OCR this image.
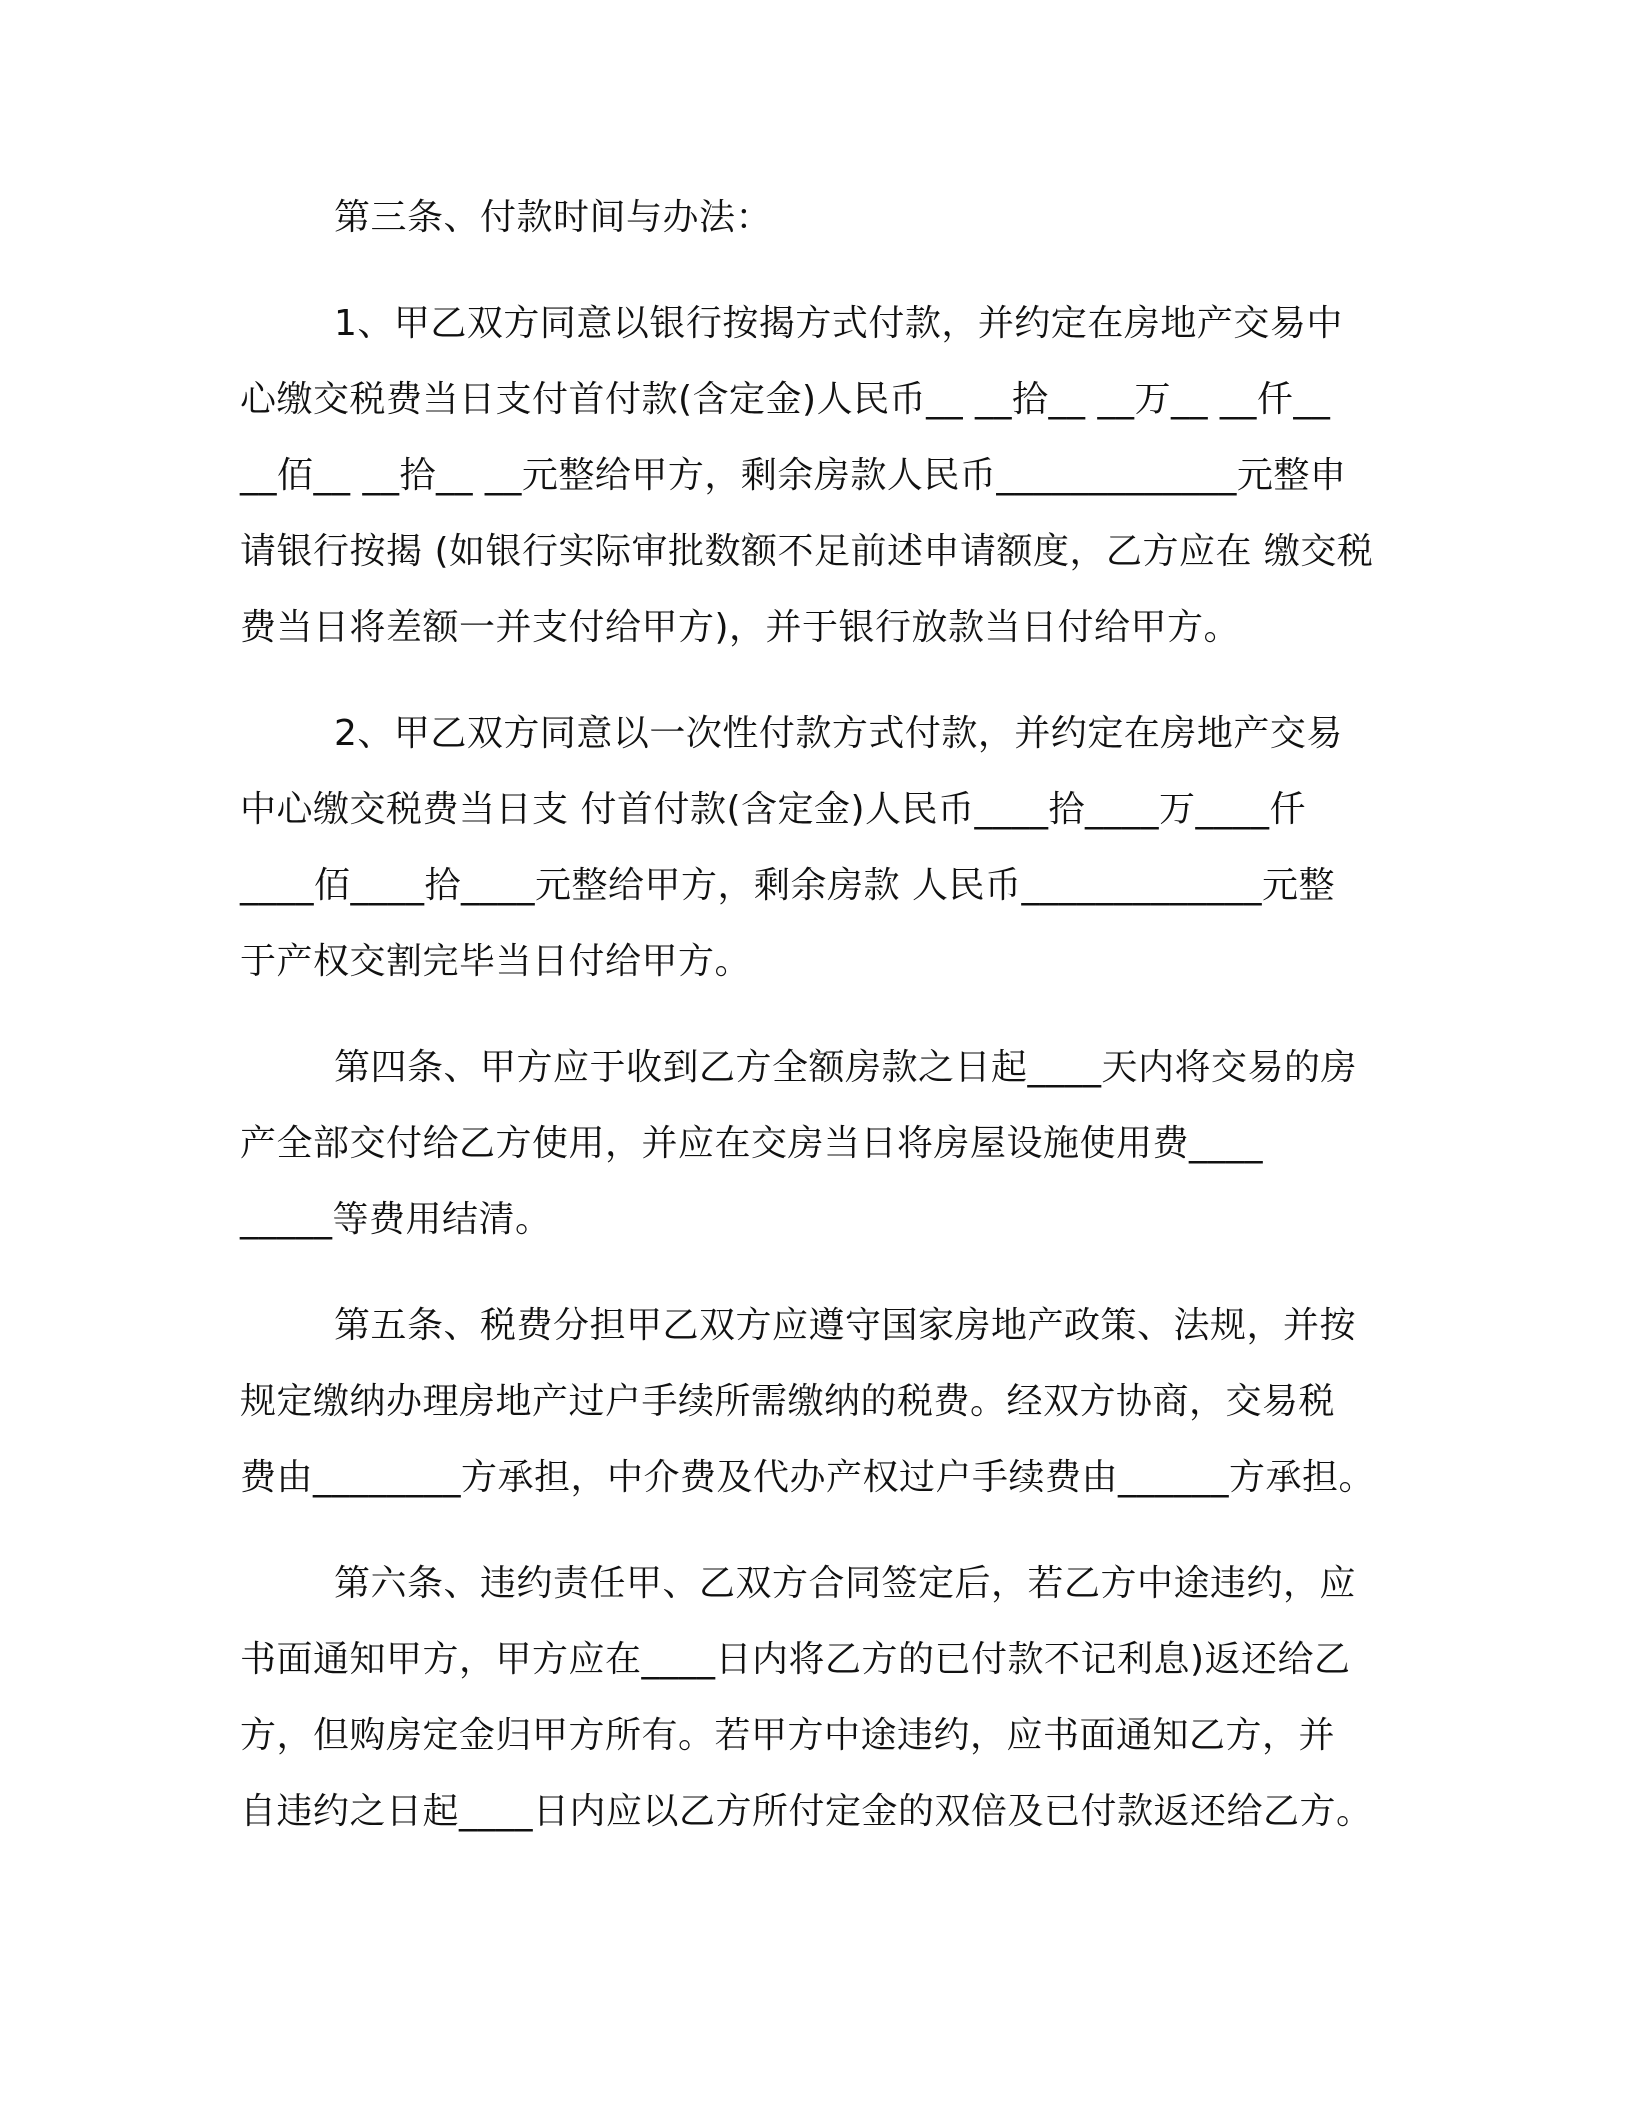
第三条、付款时间与办法：
1、甲乙双方同意以银行按揭方式付款，并约定在房地产交易中
心缴交税费当日支付首付款(含定金)人民币__ __拾__ __万__ __仟__
__佰__ __拾__ __元整给甲方，剩余房款人民币_____________元整申
请银行按揭 (如银行实际审批数额不足前述申请额度，乙方应在 缴交税
费当日将差额一并支付给甲方)，并于银行放款当日付给甲方。
2、甲乙双方同意以一次性付款方式付款，并约定在房地产交易
中心缴交税费当日支 付首付款(含定金)人民币____拾____万____仟
____佰____拾____元整给甲方，剩余房款 人民币_____________元整
于产权交割完毕当日付给甲方。
第四条、甲方应于收到乙方全额房款之日起____天内将交易的房
产全部交付给乙方使用，并应在交房当日将房屋设施使用费____
_____等费用结清。
第五条、税费分担甲乙双方应遵守国家房地产政策、法规，并按
规定缴纳办理房地产过户手续所需缴纳的税费。经双方协商，交易税
费由________方承担，中介费及代办产权过户手续费由______方承担。
第六条、违约责任甲、乙双方合同签定后，若乙方中途违约，应
书面通知甲方，甲方应在____日内将乙方的已付款不记利息)返还给乙
方，但购房定金归甲方所有。若甲方中途违约，应书面通知乙方，并
自违约之日起____日内应以乙方所付定金的双倍及已付款返还给乙方。
